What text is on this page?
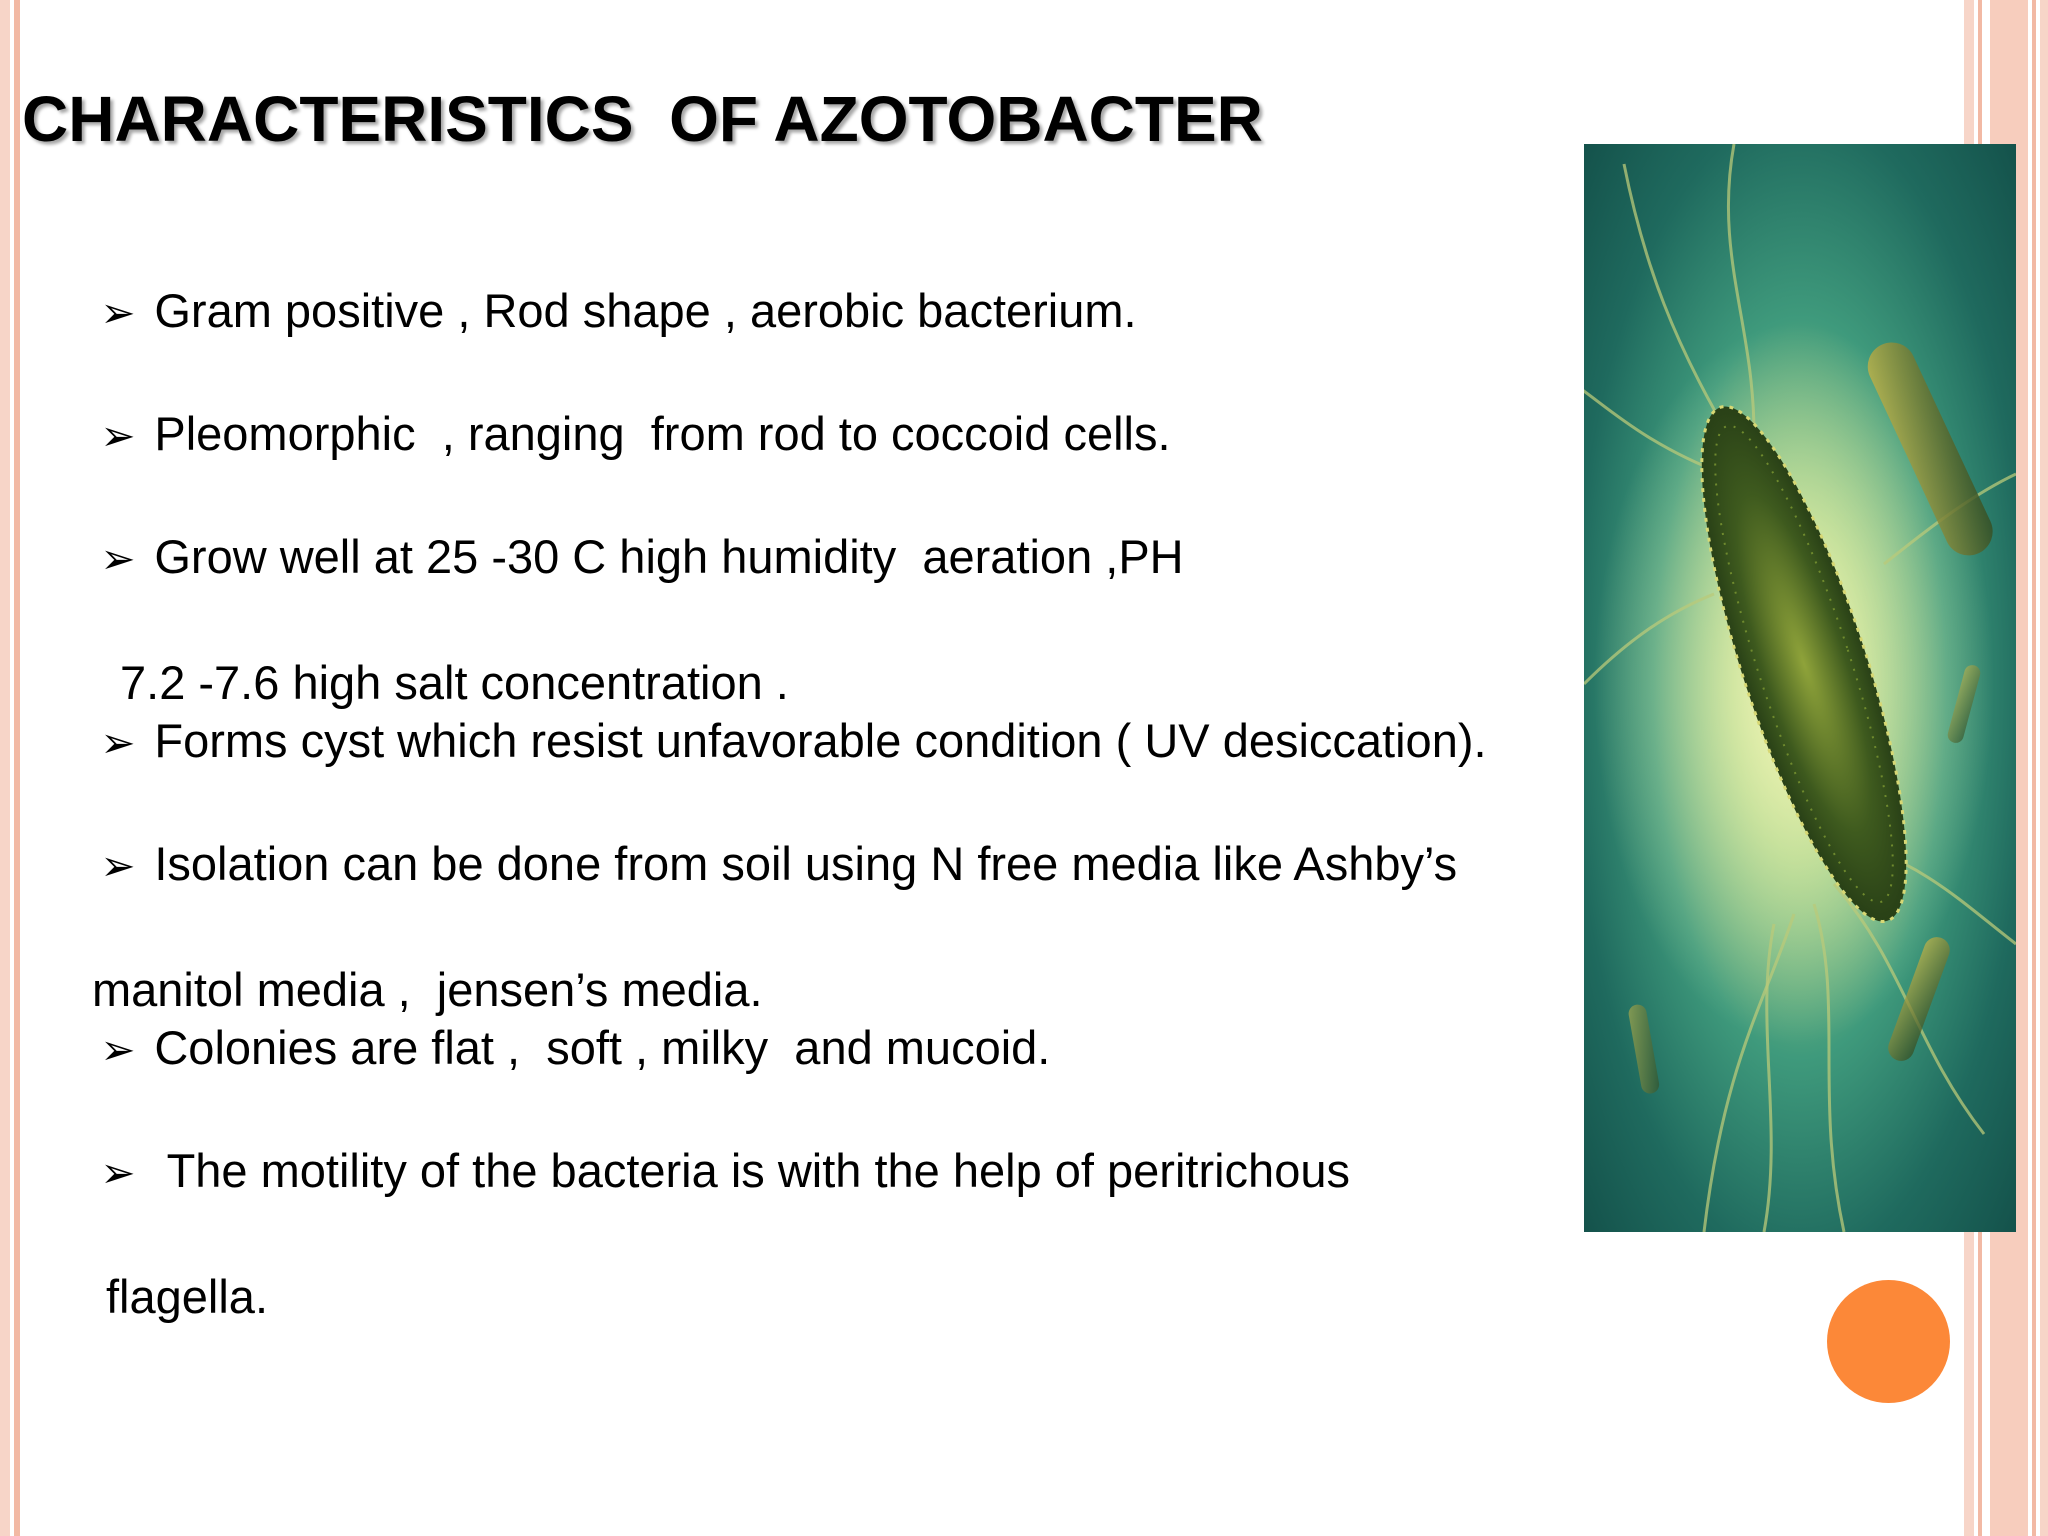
CHARACTERISTICS  OF AZOTOBACTER

➢ Gram positive , Rod shape , aerobic bacterium.

➢ Pleomorphic  , ranging  from rod to coccoid cells.

➢ Grow well at 25 -30 C high humidity  aeration ,PH

7.2 -7.6 high salt concentration .

➢ Forms cyst which resist unfavorable condition ( UV desiccation).

➢ Isolation can be done from soil using N free media like Ashby’s

manitol media ,  jensen’s media.

➢ Colonies are flat ,  soft , milky  and mucoid.

➢ The motility of the bacteria is with the help of peritrichous

flagella.
